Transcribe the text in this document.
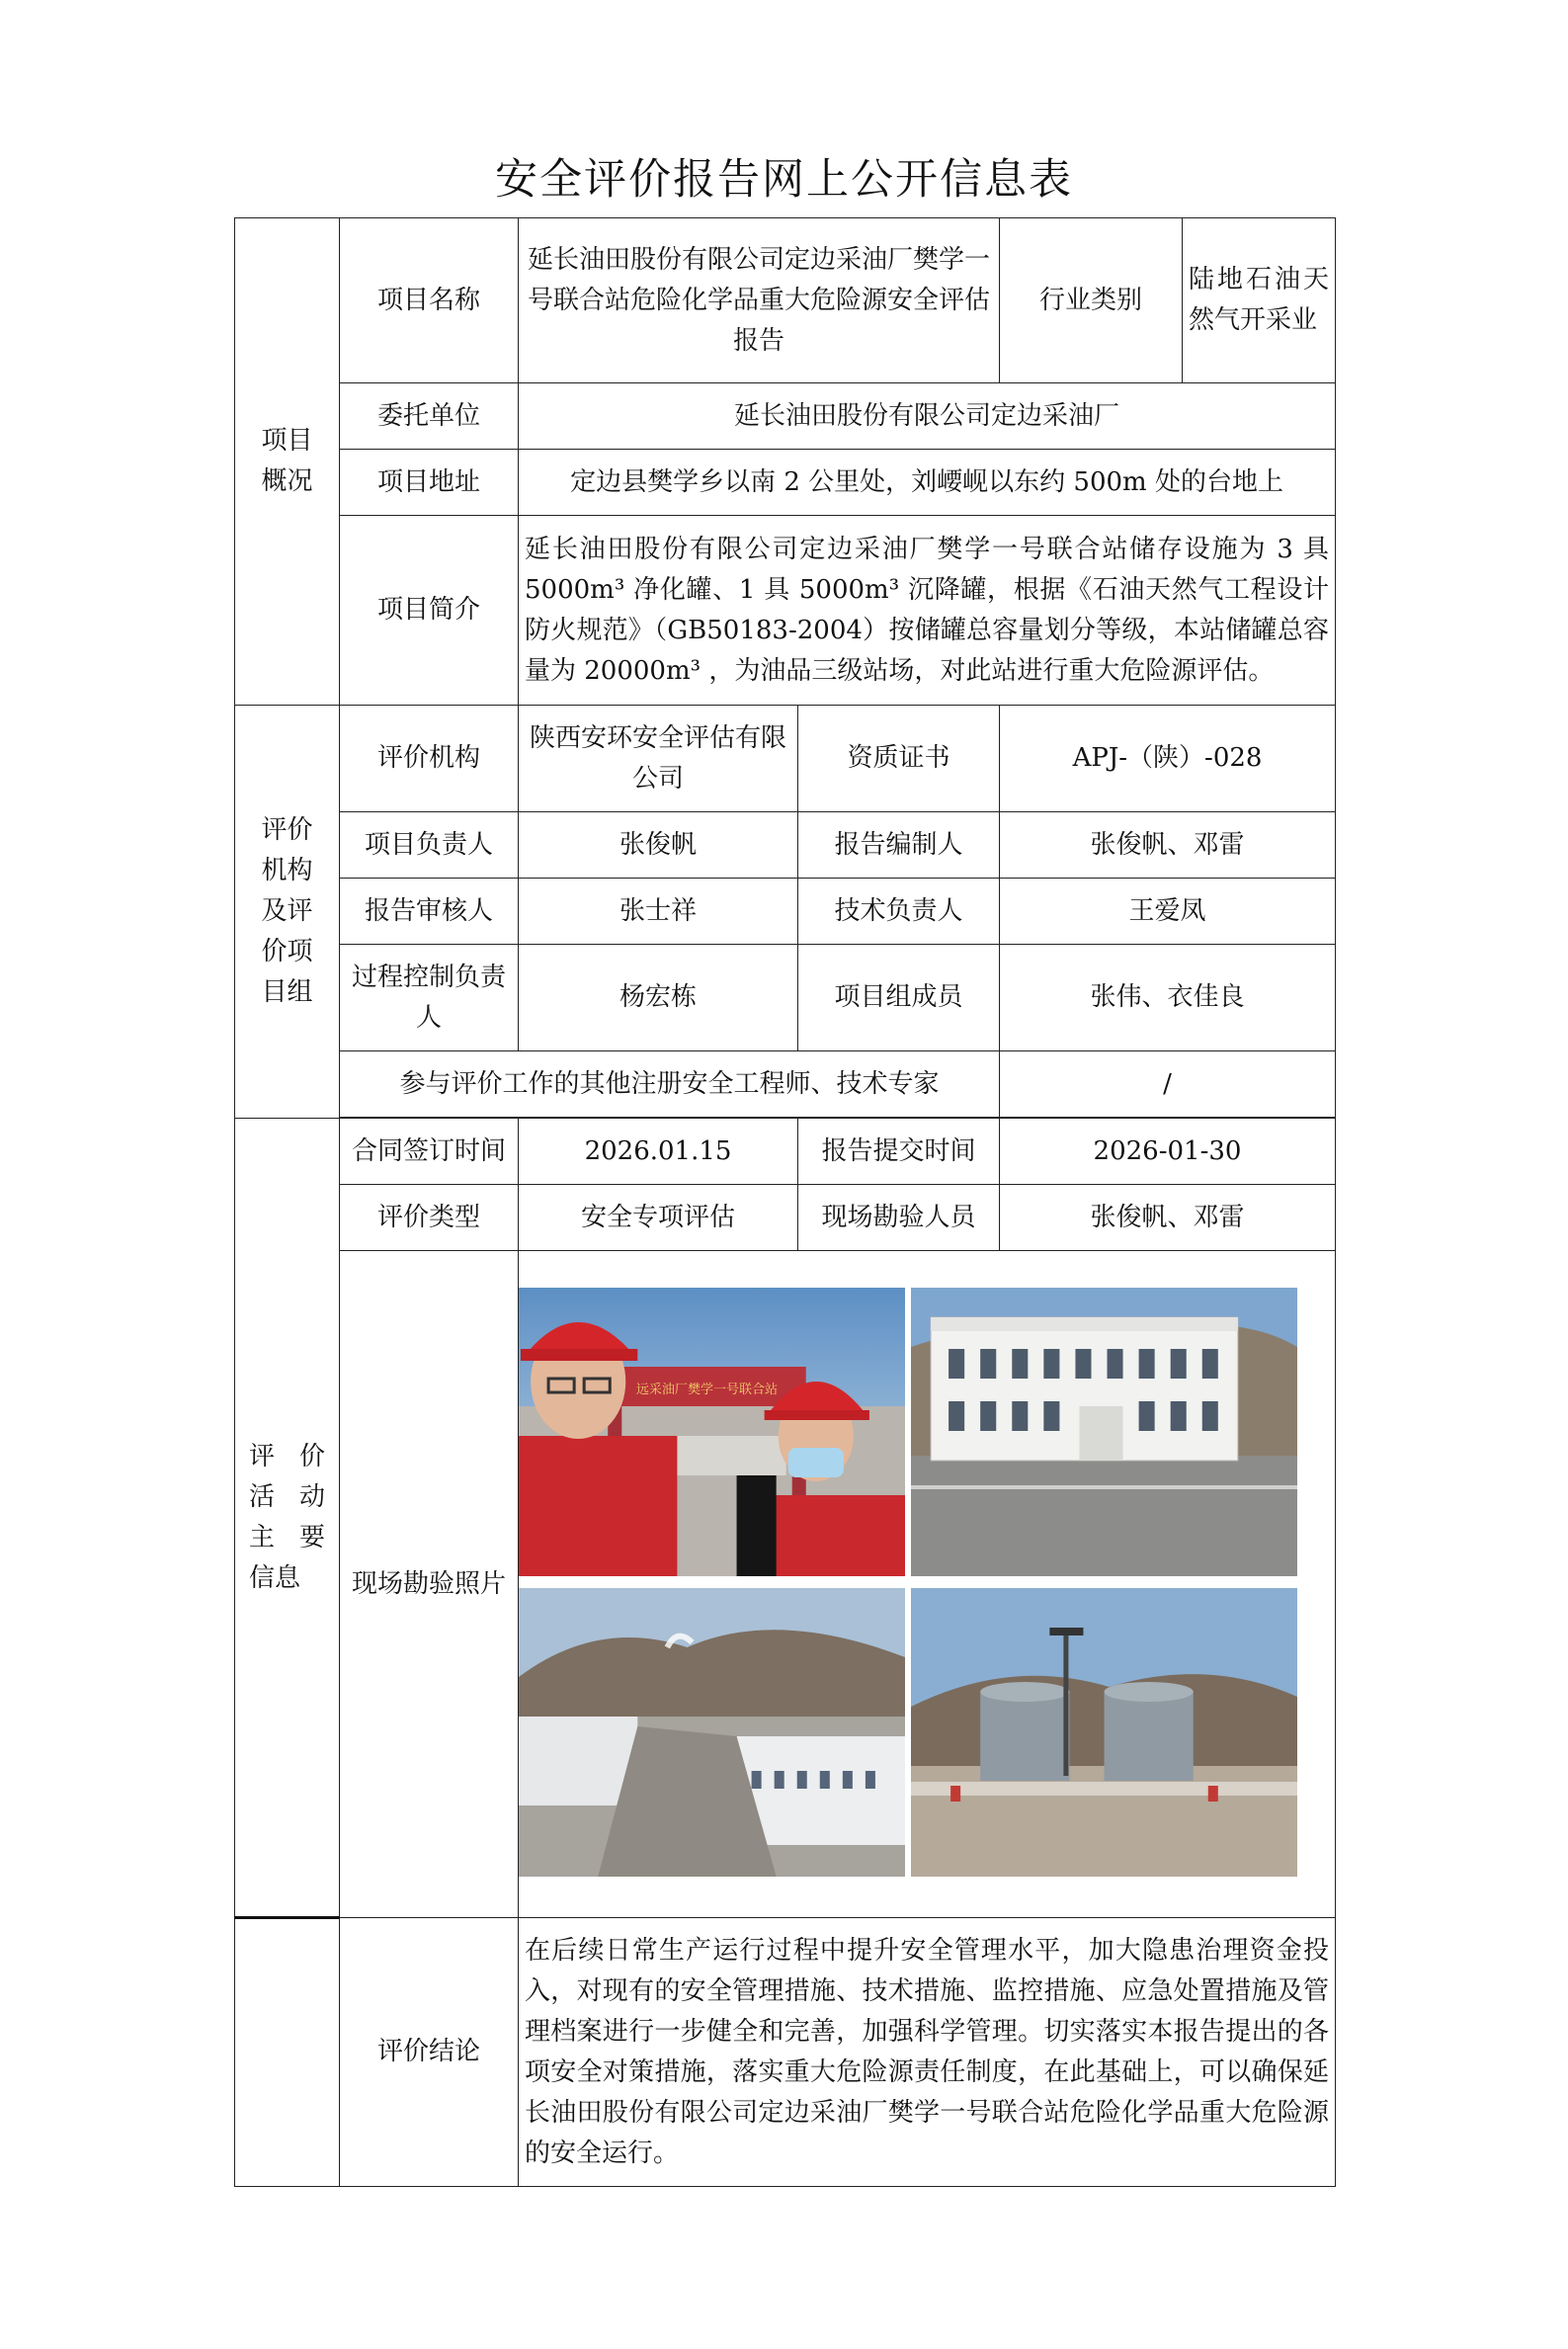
安全评价报告网上公开信息表
项目
概况	项目名称	延长油田股份有限公司定边采油厂樊学一号联合站危险化学品重大危险源安全评估报告		行业类别	陆地石油天然气开采业
	委托单位	延长油田股份有限公司定边采油厂			
	项目地址	定边县樊学乡以南 2 公里处，刘崾岘以东约 500m 处的台地上			
	项目简介	延长油田股份有限公司定边采油厂樊学一号联合站储存设施为 3 具 5000m³ 净化罐、1 具 5000m³ 沉降罐，根据《石油天然气工程设计防火规范》（GB50183-2004）按储罐总容量划分等级，本站储罐总容量为 20000m³ ，为油品三级站场，对此站进行重大危险源评估。			
评价机构及评价项目组	评价机构	陕西安环安全评估有限公司	资质证书	APJ-（陕）-028	
	项目负责人	张俊帆	报告编制人	张俊帆、邓雷	
	报告审核人	张士祥	技术负责人	王爱凤	
	过程控制负责人	杨宏栋	项目组成员	张伟、衣佳良	
	参与评价工作的其他注册安全工程师、技术专家			/	

评价活动主要信息	合同签订时间	2026.01.15	报告提交时间	2026-01-30	
	评价类型	安全专项评估	现场勘验人员	张俊帆、邓雷	
	现场勘验照片	远采油厂樊学一号联合站			

	评价结论	在后续日常生产运行过程中提升安全管理水平，加大隐患治理资金投入，对现有的安全管理措施、技术措施、监控措施、应急处置措施及管理档案进行一步健全和完善，加强科学管理。切实落实本报告提出的各项安全对策措施，落实重大危险源责任制度，在此基础上，可以确保延长油田股份有限公司定边采油厂樊学一号联合站危险化学品重大危险源的安全运行。			
